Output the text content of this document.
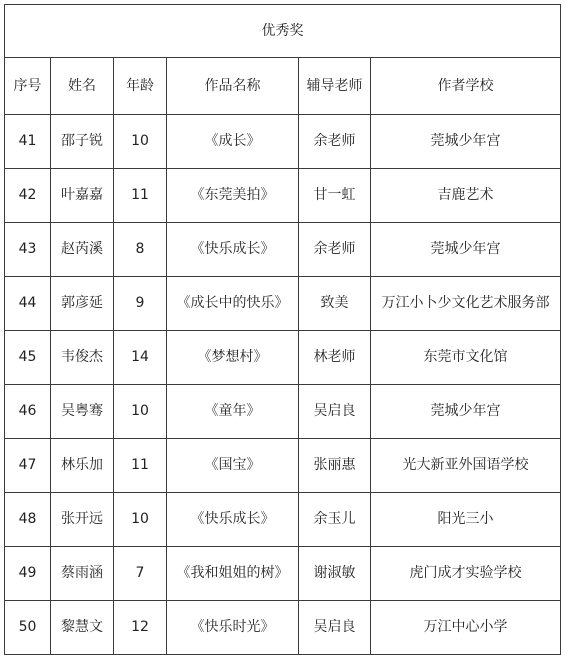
优秀奖					
序号	姓名	年龄	作品名称	辅导老师	作者学校
41	邵子锐	10	《成长》	余老师	莞城少年宫
42	叶嘉嘉	11	《东莞美拍》	甘一虹	吉鹿艺术
43	赵芮溪	8	《快乐成长》	余老师	莞城少年宫
44	郭彦延	9	《成长中的快乐》	致美	万江小卜少文化艺术服务部
45	韦俊杰	14	《梦想村》	林老师	东莞市文化馆
46	吴粤骞	10	《童年》	吴启良	莞城少年宫
47	林乐加	11	《国宝》	张丽惠	光大新亚外国语学校
48	张开远	10	《快乐成长》	余玉儿	阳光三小
49	蔡雨涵	7	《我和姐姐的树》	谢淑敏	虎门成才实验学校
50	黎慧文	12	《快乐时光》	吴启良	万江中心小学
